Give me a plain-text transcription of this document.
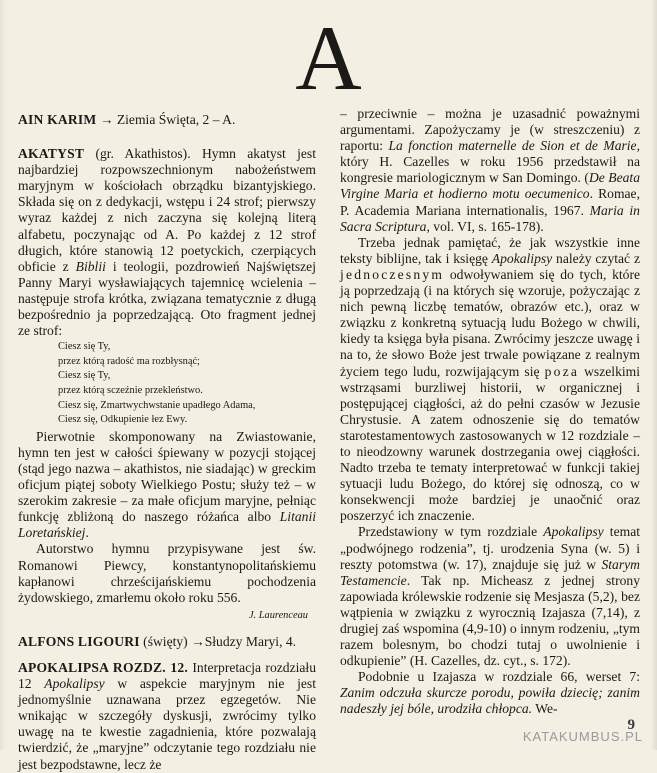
A

AIN KARIM → Ziemia Święta, 2 – A.

AKATYST (gr. Akathistos). Hymn akatyst jest najbardziej rozpowszechnionym nabożeństwem maryjnym w kościołach obrządku bizantyjskiego. Składa się on z dedykacji, wstępu i 24 strof; pierwszy wyraz każdej z nich zaczyna się kolejną literą alfabetu, poczynając od A. Po każdej z 12 strof długich, które stanowią 12 poetyckich, czerpiących obficie z Biblii i teologii, pozdrowień Najświętszej Panny Maryi wysławiających tajemnicę wcielenia – następuje strofa krótka, związana tematycznie z długą bezpośrednio ja poprzedzającą. Oto fragment jednej ze strof:

Ciesz się Ty,
przez którą radość ma rozbłysnąć;
Ciesz się Ty,
przez którą sczeźnie przekleństwo.
Ciesz się, Zmartwychwstanie upadłego Adama,
Ciesz się, Odkupienie łez Ewy.

Pierwotnie skomponowany na Zwiastowanie, hymn ten jest w całości śpiewany w pozycji stojącej (stąd jego nazwa – akathistos, nie siadając) w greckim oficjum piątej soboty Wielkiego Postu; służy też – w szerokim zakresie – za małe oficjum maryjne, pełniąc funkcję zbliżoną do naszego różańca albo Litanii Loretańskiej.

Autorstwo hymnu przypisywane jest św. Romanowi Piewcy, konstantynopolitańskiemu kapłanowi chrześcijańskiemu pochodzenia żydowskiego, zmarłemu około roku 556.

J. Laurenceau

ALFONS LIGOURI (święty) →Słudzy Maryi, 4.

APOKALIPSA ROZDZ. 12. Interpretacja rozdziału 12 Apokalipsy w aspekcie maryjnym nie jest jednomyślnie uznawana przez egzegetów. Nie wnikając w szczegóły dyskusji, zwrócimy tylko uwagę na te kwestie zagadnienia, które pozwalają twierdzić, że „maryjne” odczytanie tego rozdziału nie jest bezpodstawne, lecz że

– przeciwnie – można je uzasadnić poważnymi argumentami. Zapożyczamy je (w streszczeniu) z raportu: La fonction maternelle de Sion et de Marie, który H. Cazelles w roku 1956 przedstawił na kongresie mariologicznym w San Domingo. (De Beata Virgine Maria et hodierno motu oecumenico. Romae, P. Academia Mariana internationalis, 1967. Maria in Sacra Scriptura, vol. VI, s. 165-178).

Trzeba jednak pamiętać, że jak wszystkie inne teksty biblijne, tak i księgę Apokalipsy należy czytać z jednoczesnym odwoływaniem się do tych, które ją poprzedzają (i na których się wzoruje, pożyczając z nich pewną liczbę tematów, obrazów etc.), oraz w związku z konkretną sytuacją ludu Bożego w chwili, kiedy ta księga była pisana. Zwrócimy jeszcze uwagę i na to, że słowo Boże jest trwale powiązane z realnym życiem tego ludu, rozwijającym się poza wszelkimi wstrząsami burzliwej historii, w organicznej i postępującej ciągłości, aż do pełni czasów w Jezusie Chrystusie. A zatem odnoszenie się do tematów starotestamentowych zastosowanych w 12 rozdziale – to nieodzowny warunek dostrzegania owej ciągłości. Nadto trzeba te tematy interpretować w funkcji takiej sytuacji ludu Bożego, do której się odnoszą, co w konsekwencji może bardziej je unaočnić oraz poszerzyć ich znaczenie.

Przedstawiony w tym rozdziale Apokalipsy temat „podwójnego rodzenia”, tj. urodzenia Syna (w. 5) i reszty potomstwa (w. 17), znajduje się już w Starym Testamencie. Tak np. Micheasz z jednej strony zapowiada królewskie rodzenie się Mesjasza (5,2), bez wątpienia w związku z wyrocznią Izajasza (7,14), z drugiej zaś wspomina (4,9-10) o innym rodzeniu, „tym razem bolesnym, bo chodzi tutaj o uwolnienie i odkupienie” (H. Cazelles, dz. cyt., s. 172).

Podobnie u Izajasza w rozdziale 66, werset 7: Zanim odczuła skurcze porodu, powiła dziecię; zanim nadeszły jej bóle, urodziła chłopca. We-

9
KATAKUMBUS.PL
